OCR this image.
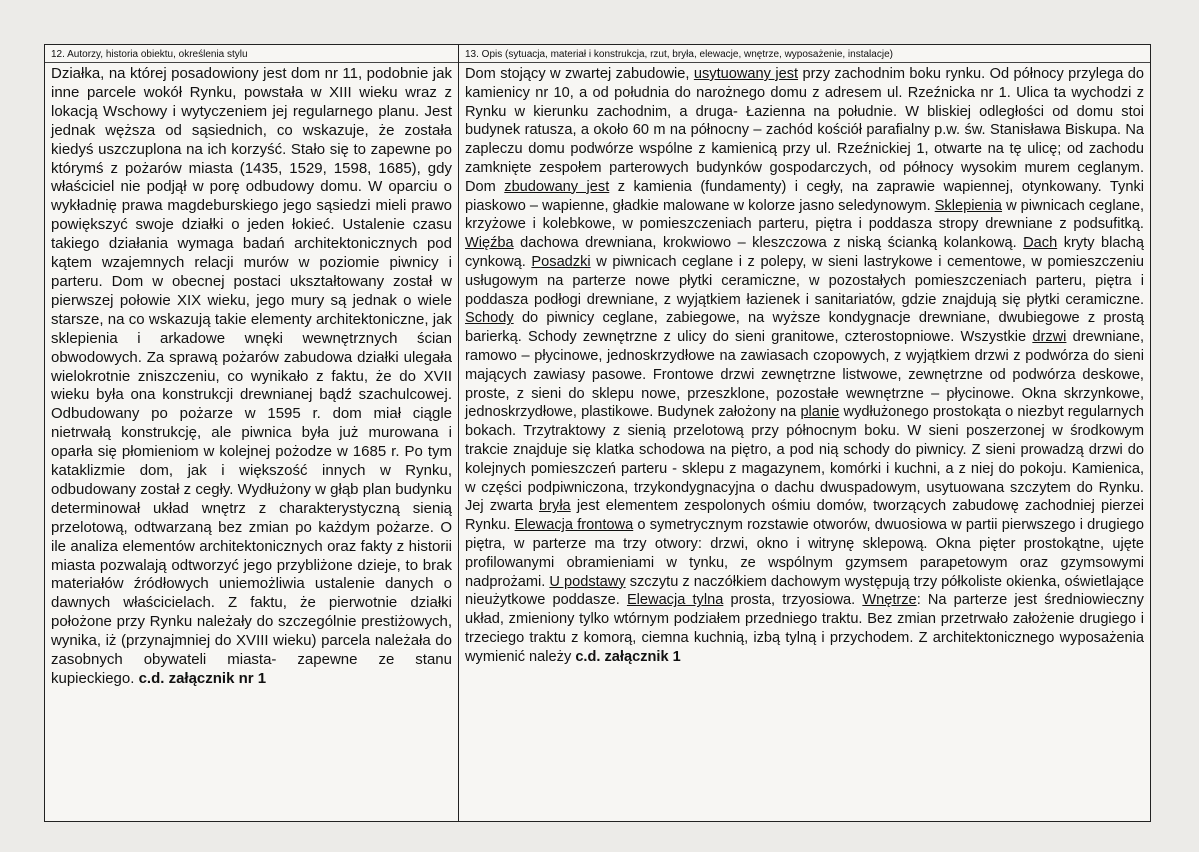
12. Autorzy, historia obiektu, określenia stylu

Działka, na której posadowiony jest dom nr 11, podobnie jak inne parcele wokół Rynku, powstała w XIII wieku wraz z lokacją Wschowy i wytyczeniem jej regularnego planu. Jest jednak węższa od sąsiednich, co wskazuje, że została kiedyś uszczuplona na ich korzyść. Stało się to zapewne po którymś z pożarów miasta (1435, 1529, 1598, 1685), gdy właściciel nie podjął w porę odbudowy domu. W oparciu o wykładnię prawa magdeburskiego jego sąsiedzi mieli prawo powiększyć swoje działki o jeden łokieć. Ustalenie czasu takiego działania wymaga badań architektonicznych pod kątem wzajemnych relacji murów w poziomie piwnicy i parteru. Dom w obecnej postaci ukształtowany został w pierwszej połowie XIX wieku, jego mury są jednak o wiele starsze, na co wskazują takie elementy architektoniczne, jak sklepienia i arkadowe wnęki wewnętrznych ścian obwodowych. Za sprawą pożarów zabudowa działki ulegała wielokrotnie zniszczeniu, co wynikało z faktu, że do XVII wieku była ona konstrukcji drewnianej bądź szachulcowej. Odbudowany po pożarze w 1595 r. dom miał ciągle nietrwałą konstrukcję, ale piwnica była już murowana i oparła się płomieniom w kolejnej pożodze w 1685 r. Po tym kataklizmie dom, jak i większość innych w Rynku, odbudowany został z cegły. Wydłużony w głąb plan budynku determinował układ wnętrz z charakterystyczną sienią przelotową, odtwarzaną bez zmian po każdym pożarze. O ile analiza elementów architektonicznych oraz fakty z historii miasta pozwalają odtworzyć jego przybliżone dzieje, to brak materiałów źródłowych uniemożliwia ustalenie danych o dawnych właścicielach. Z faktu, że pierwotnie działki położone przy Rynku należały do szczególnie prestiżowych, wynika, iż (przynajmniej do XVIII wieku) parcela należała do zasobnych obywateli miasta- zapewne ze stanu kupieckiego. c.d. załącznik nr 1

13. Opis (sytuacja, materiał i konstrukcja, rzut, bryła, elewacje, wnętrze, wyposażenie, instalacje)

Dom stojący w zwartej zabudowie, usytuowany jest przy zachodnim boku rynku. Od północy przylega do kamienicy nr 10, a od południa do narożnego domu z adresem ul. Rzeźnicka nr 1. Ulica ta wychodzi z Rynku w kierunku zachodnim, a druga- Łazienna na południe. W bliskiej odległości od domu stoi budynek ratusza, a około 60 m na północny – zachód kościół parafialny p.w. św. Stanisława Biskupa. Na zapleczu domu podwórze wspólne z kamienicą przy ul. Rzeźnickiej 1, otwarte na tę ulicę; od zachodu zamknięte zespołem parterowych budynków gospodarczych, od północy wysokim murem ceglanym. Dom zbudowany jest z kamienia (fundamenty) i cegły, na zaprawie wapiennej, otynkowany. Tynki piaskowo – wapienne, gładkie malowane w kolorze jasno seledynowym. Sklepienia w piwnicach ceglane, krzyżowe i kolebkowe, w pomieszczeniach parteru, piętra i poddasza stropy drewniane z podsufitką. Więźba dachowa drewniana, krokwiowo – kleszczowa z niską ścianką kolankową. Dach kryty blachą cynkową. Posadzki w piwnicach ceglane i z polepy, w sieni lastrykowe i cementowe, w pomieszczeniu usługowym na parterze nowe płytki ceramiczne, w pozostałych pomieszczeniach parteru, piętra i poddasza podłogi drewniane, z wyjątkiem łazienek i sanitariatów, gdzie znajdują się płytki ceramiczne. Schody do piwnicy ceglane, zabiegowe, na wyższe kondygnacje drewniane, dwubiegowe z prostą barierką. Schody zewnętrzne z ulicy do sieni granitowe, czterostopniowe. Wszystkie drzwi drewniane, ramowo – płycinowe, jednoskrzydłowe na zawiasach czopowych, z wyjątkiem drzwi z podwórza do sieni mających zawiasy pasowe. Frontowe drzwi zewnętrzne listwowe, zewnętrzne od podwórza deskowe, proste, z sieni do sklepu nowe, przeszklone, pozostałe wewnętrzne – płycinowe. Okna skrzynkowe, jednoskrzydłowe, plastikowe. Budynek założony na planie wydłużonego prostokąta o niezbyt regularnych bokach. Trzytraktowy z sienią przelotową przy północnym boku. W sieni poszerzonej w środkowym trakcie znajduje się klatka schodowa na piętro, a pod nią schody do piwnicy. Z sieni prowadzą drzwi do kolejnych pomieszczeń parteru - sklepu z magazynem, komórki i kuchni, a z niej do pokoju. Kamienica, w części podpiwniczona, trzykondygnacyjna o dachu dwuspadowym, usytuowana szczytem do Rynku. Jej zwarta bryła jest elementem zespolonych ośmiu domów, tworzących zabudowę zachodniej pierzei Rynku. Elewacja frontowa o symetrycznym rozstawie otworów, dwuosiowa w partii pierwszego i drugiego piętra, w parterze ma trzy otwory: drzwi, okno i witrynę sklepową. Okna pięter prostokątne, ujęte profilowanymi obramieniami w tynku, ze wspólnym gzymsem parapetowym oraz gzymsowymi nadprożami. U podstawy szczytu z naczółkiem dachowym występują trzy półkoliste okienka, oświetlające nieużytkowe poddasze. Elewacja tylna prosta, trzyosiowa. Wnętrze: Na parterze jest średniowieczny układ, zmieniony tylko wtórnym podziałem przedniego traktu. Bez zmian przetrwało założenie drugiego i trzeciego traktu z komorą, ciemna kuchnią, izbą tylną i przychodem. Z architektonicznego wyposażenia wymienić należy c.d. załącznik 1
